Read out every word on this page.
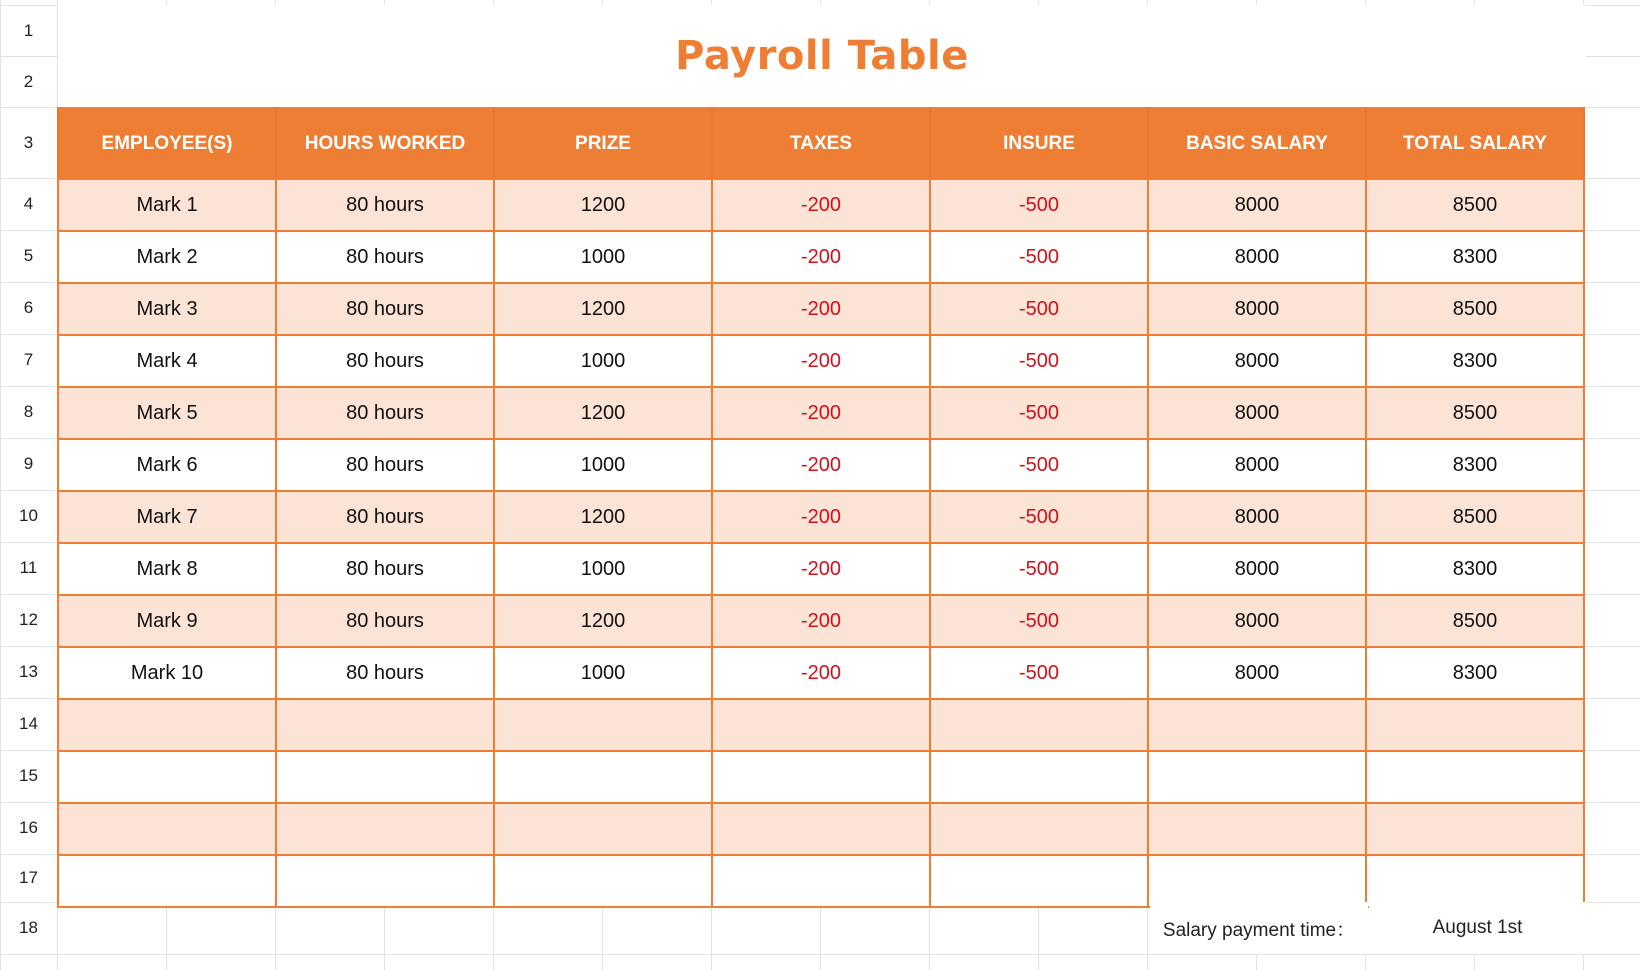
1
2
3
4
5
6
7
8
9
10
11
12
13
14
15
16
17
18
Payroll Table
EMPLOYEE(S)	HOURS WORKED	PRIZE	TAXES	INSURE	BASIC SALARY	TOTAL SALARY
Mark 1	80 hours	1200	-200	-500	8000	8500
Mark 2	80 hours	1000	-200	-500	8000	8300
Mark 3	80 hours	1200	-200	-500	8000	8500
Mark 4	80 hours	1000	-200	-500	8000	8300
Mark 5	80 hours	1200	-200	-500	8000	8500
Mark 6	80 hours	1000	-200	-500	8000	8300
Mark 7	80 hours	1200	-200	-500	8000	8500
Mark 8	80 hours	1000	-200	-500	8000	8300
Mark 9	80 hours	1200	-200	-500	8000	8500
Mark 10	80 hours	1000	-200	-500	8000	8300

Salary payment time：	August 1st
